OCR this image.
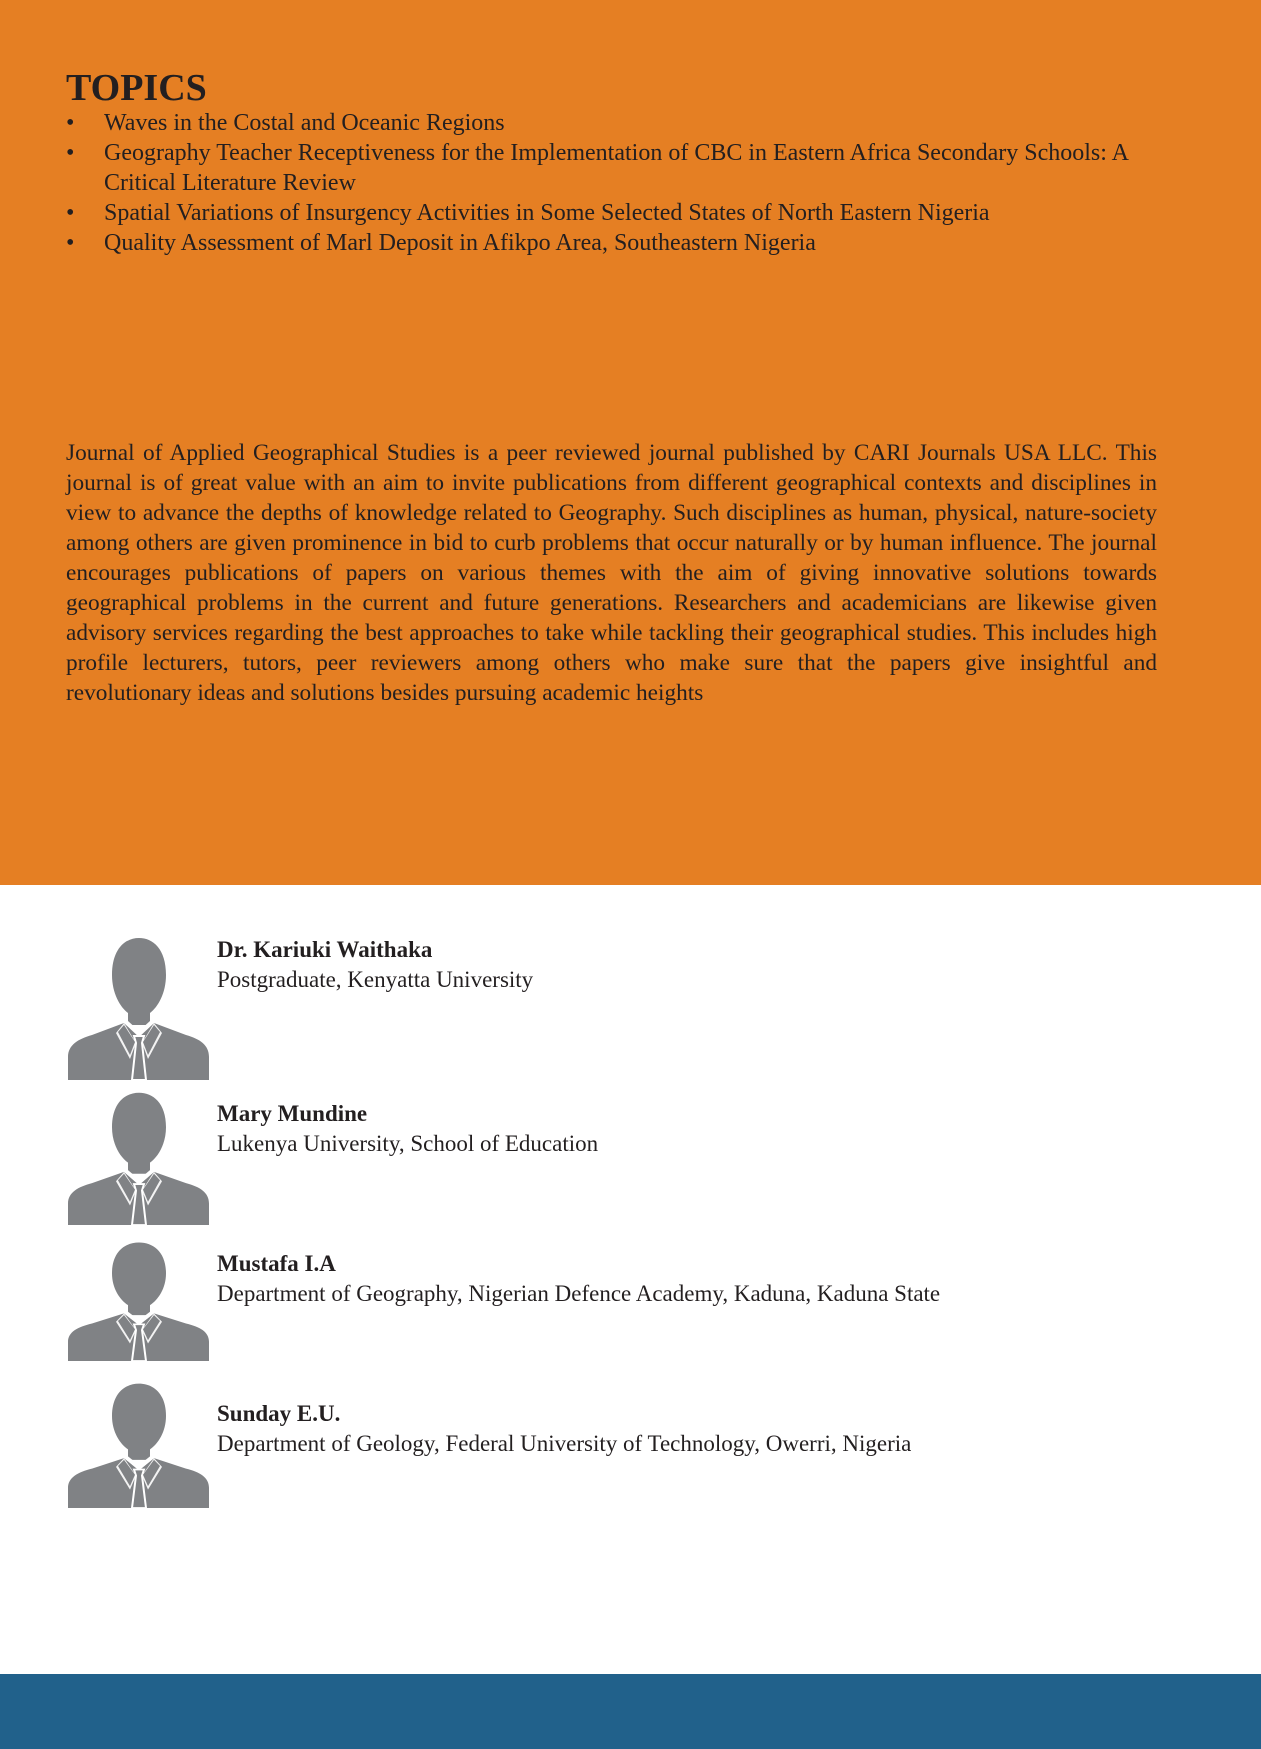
TOPICS
•	Waves in the Costal and Oceanic Regions
•	Geography Teacher Receptiveness for the Implementation of CBC in Eastern Africa Secondary Schools: A Critical Literature Review
•	Spatial Variations of Insurgency Activities in Some Selected States of North Eastern Nigeria
•	Quality Assessment of Marl Deposit in Afikpo Area, Southeastern Nigeria

Journal of Applied Geographical Studies is a peer reviewed journal published by CARI Journals USA LLC. This journal is of great value with an aim to invite publications from different geographical contexts and disciplines in view to advance the depths of knowledge related to Geography. Such disciplines as human, physical, nature-society among others are given prominence in bid to curb problems that occur naturally or by human influence. The journal encourages publications of papers on various themes with the aim of giving innovative solutions towards geographical problems in the current and future generations. Researchers and academicians are likewise given advisory services regarding the best approaches to take while tackling their geographical studies. This includes high profile lecturers, tutors, peer reviewers among others who make sure that the papers give insightful and revolutionary ideas and solutions besides pursuing academic heights

Dr. Kariuki Waithaka
Postgraduate, Kenyatta University
Mary Mundine
Lukenya University, School of Education
Mustafa I.A
Department of Geography, Nigerian Defence Academy, Kaduna, Kaduna State
Sunday E.U.
Department of Geology, Federal University of Technology, Owerri, Nigeria
